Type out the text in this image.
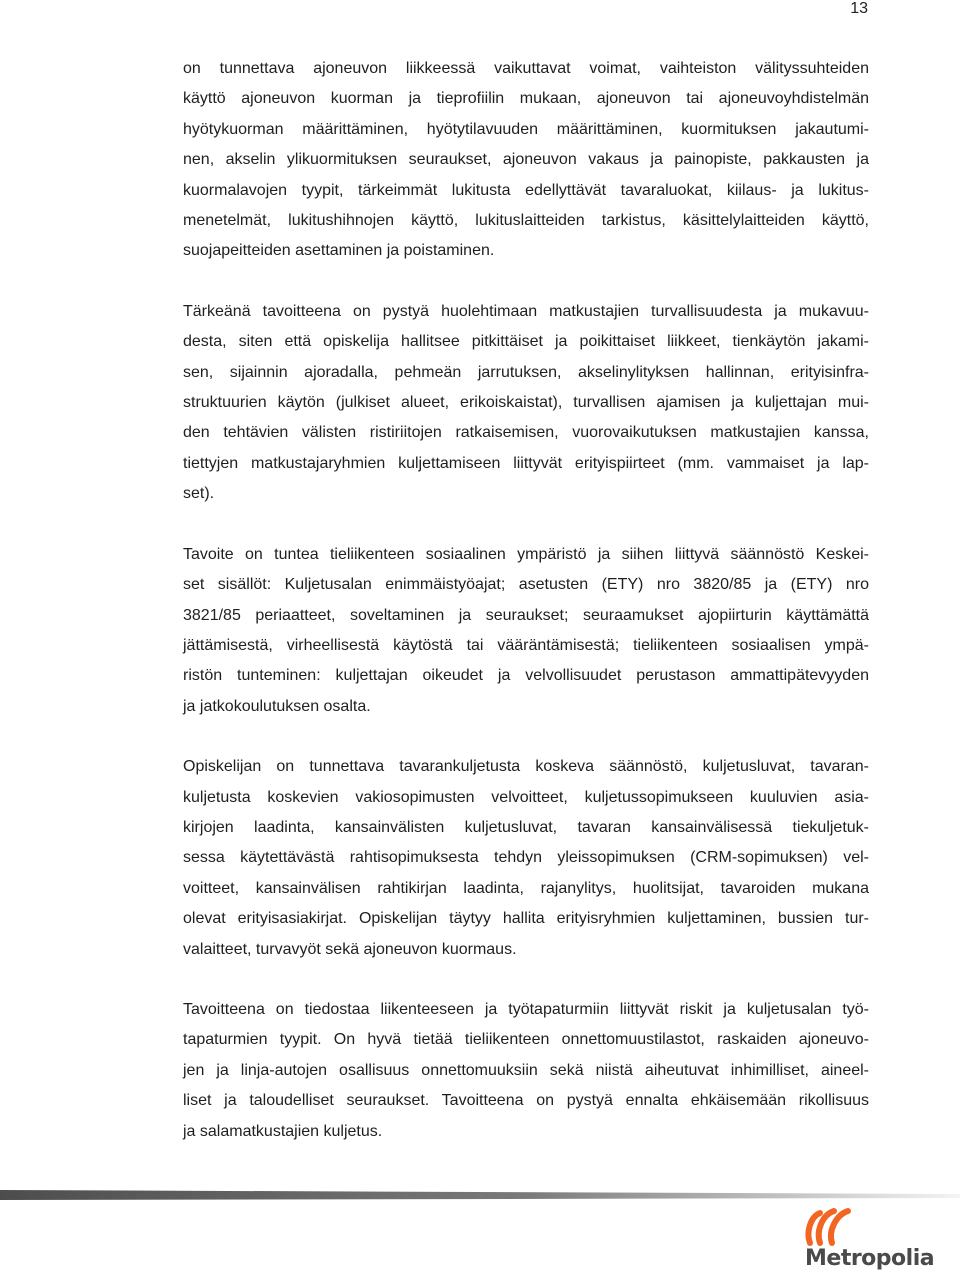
13

on tunnettava ajoneuvon liikkeessä vaikuttavat voimat, vaihteiston välityssuhteiden
käyttö ajoneuvon kuorman ja tieprofiilin mukaan, ajoneuvon tai ajoneuvoyhdistelmän
hyötykuorman määrittäminen, hyötytilavuuden määrittäminen, kuormituksen jakautumi-
nen, akselin ylikuormituksen seuraukset, ajoneuvon vakaus ja painopiste, pakkausten ja
kuormalavojen tyypit, tärkeimmät lukitusta edellyttävät tavaraluokat, kiilaus- ja lukitus-
menetelmät, lukitushihnojen käyttö, lukituslaitteiden tarkistus, käsittelylaitteiden käyttö,
suojapeitteiden asettaminen ja poistaminen.

Tärkeänä tavoitteena on pystyä huolehtimaan matkustajien turvallisuudesta ja mukavuu-
desta, siten että opiskelija hallitsee pitkittäiset ja poikittaiset liikkeet, tienkäytön jakami-
sen, sijainnin ajoradalla, pehmeän jarrutuksen, akselinylityksen hallinnan, erityisinfra-
struktuurien käytön (julkiset alueet, erikoiskaistat), turvallisen ajamisen ja kuljettajan mui-
den tehtävien välisten ristiriitojen ratkaisemisen, vuorovaikutuksen matkustajien kanssa,
tiettyjen matkustajaryhmien kuljettamiseen liittyvät erityispiirteet (mm. vammaiset ja lap-
set).

Tavoite on tuntea tieliikenteen sosiaalinen ympäristö ja siihen liittyvä säännöstö Keskei-
set sisällöt: Kuljetusalan enimmäistyöajat; asetusten (ETY) nro 3820/85 ja (ETY) nro
3821/85 periaatteet, soveltaminen ja seuraukset; seuraamukset ajopiirturin käyttämättä
jättämisestä, virheellisestä käytöstä tai vääräntämisestä; tieliikenteen sosiaalisen ympä-
ristön tunteminen: kuljettajan oikeudet ja velvollisuudet perustason ammattipätevyyden
ja jatkokoulutuksen osalta.

Opiskelijan on tunnettava tavarankuljetusta koskeva säännöstö, kuljetusluvat, tavaran-
kuljetusta koskevien vakiosopimusten velvoitteet, kuljetussopimukseen kuuluvien asia-
kirjojen laadinta, kansainvälisten kuljetusluvat, tavaran kansainvälisessä tiekuljetuk-
sessa käytettävästä rahtisopimuksesta tehdyn yleissopimuksen (CRM-sopimuksen) vel-
voitteet, kansainvälisen rahtikirjan laadinta, rajanylitys, huolitsijat, tavaroiden mukana
olevat erityisasiakirjat. Opiskelijan täytyy hallita erityisryhmien kuljettaminen, bussien tur-
valaitteet, turvavyöt sekä ajoneuvon kuormaus.

Tavoitteena on tiedostaa liikenteeseen ja työtapaturmiin liittyvät riskit ja kuljetusalan työ-
tapaturmien tyypit. On hyvä tietää tieliikenteen onnettomuustilastot, raskaiden ajoneuvo-
jen ja linja-autojen osallisuus onnettomuuksiin sekä niistä aiheutuvat inhimilliset, aineel-
liset ja taloudelliset seuraukset. Tavoitteena on pystyä ennalta ehkäisemään rikollisuus
ja salamatkustajien kuljetus.

Metropolia
